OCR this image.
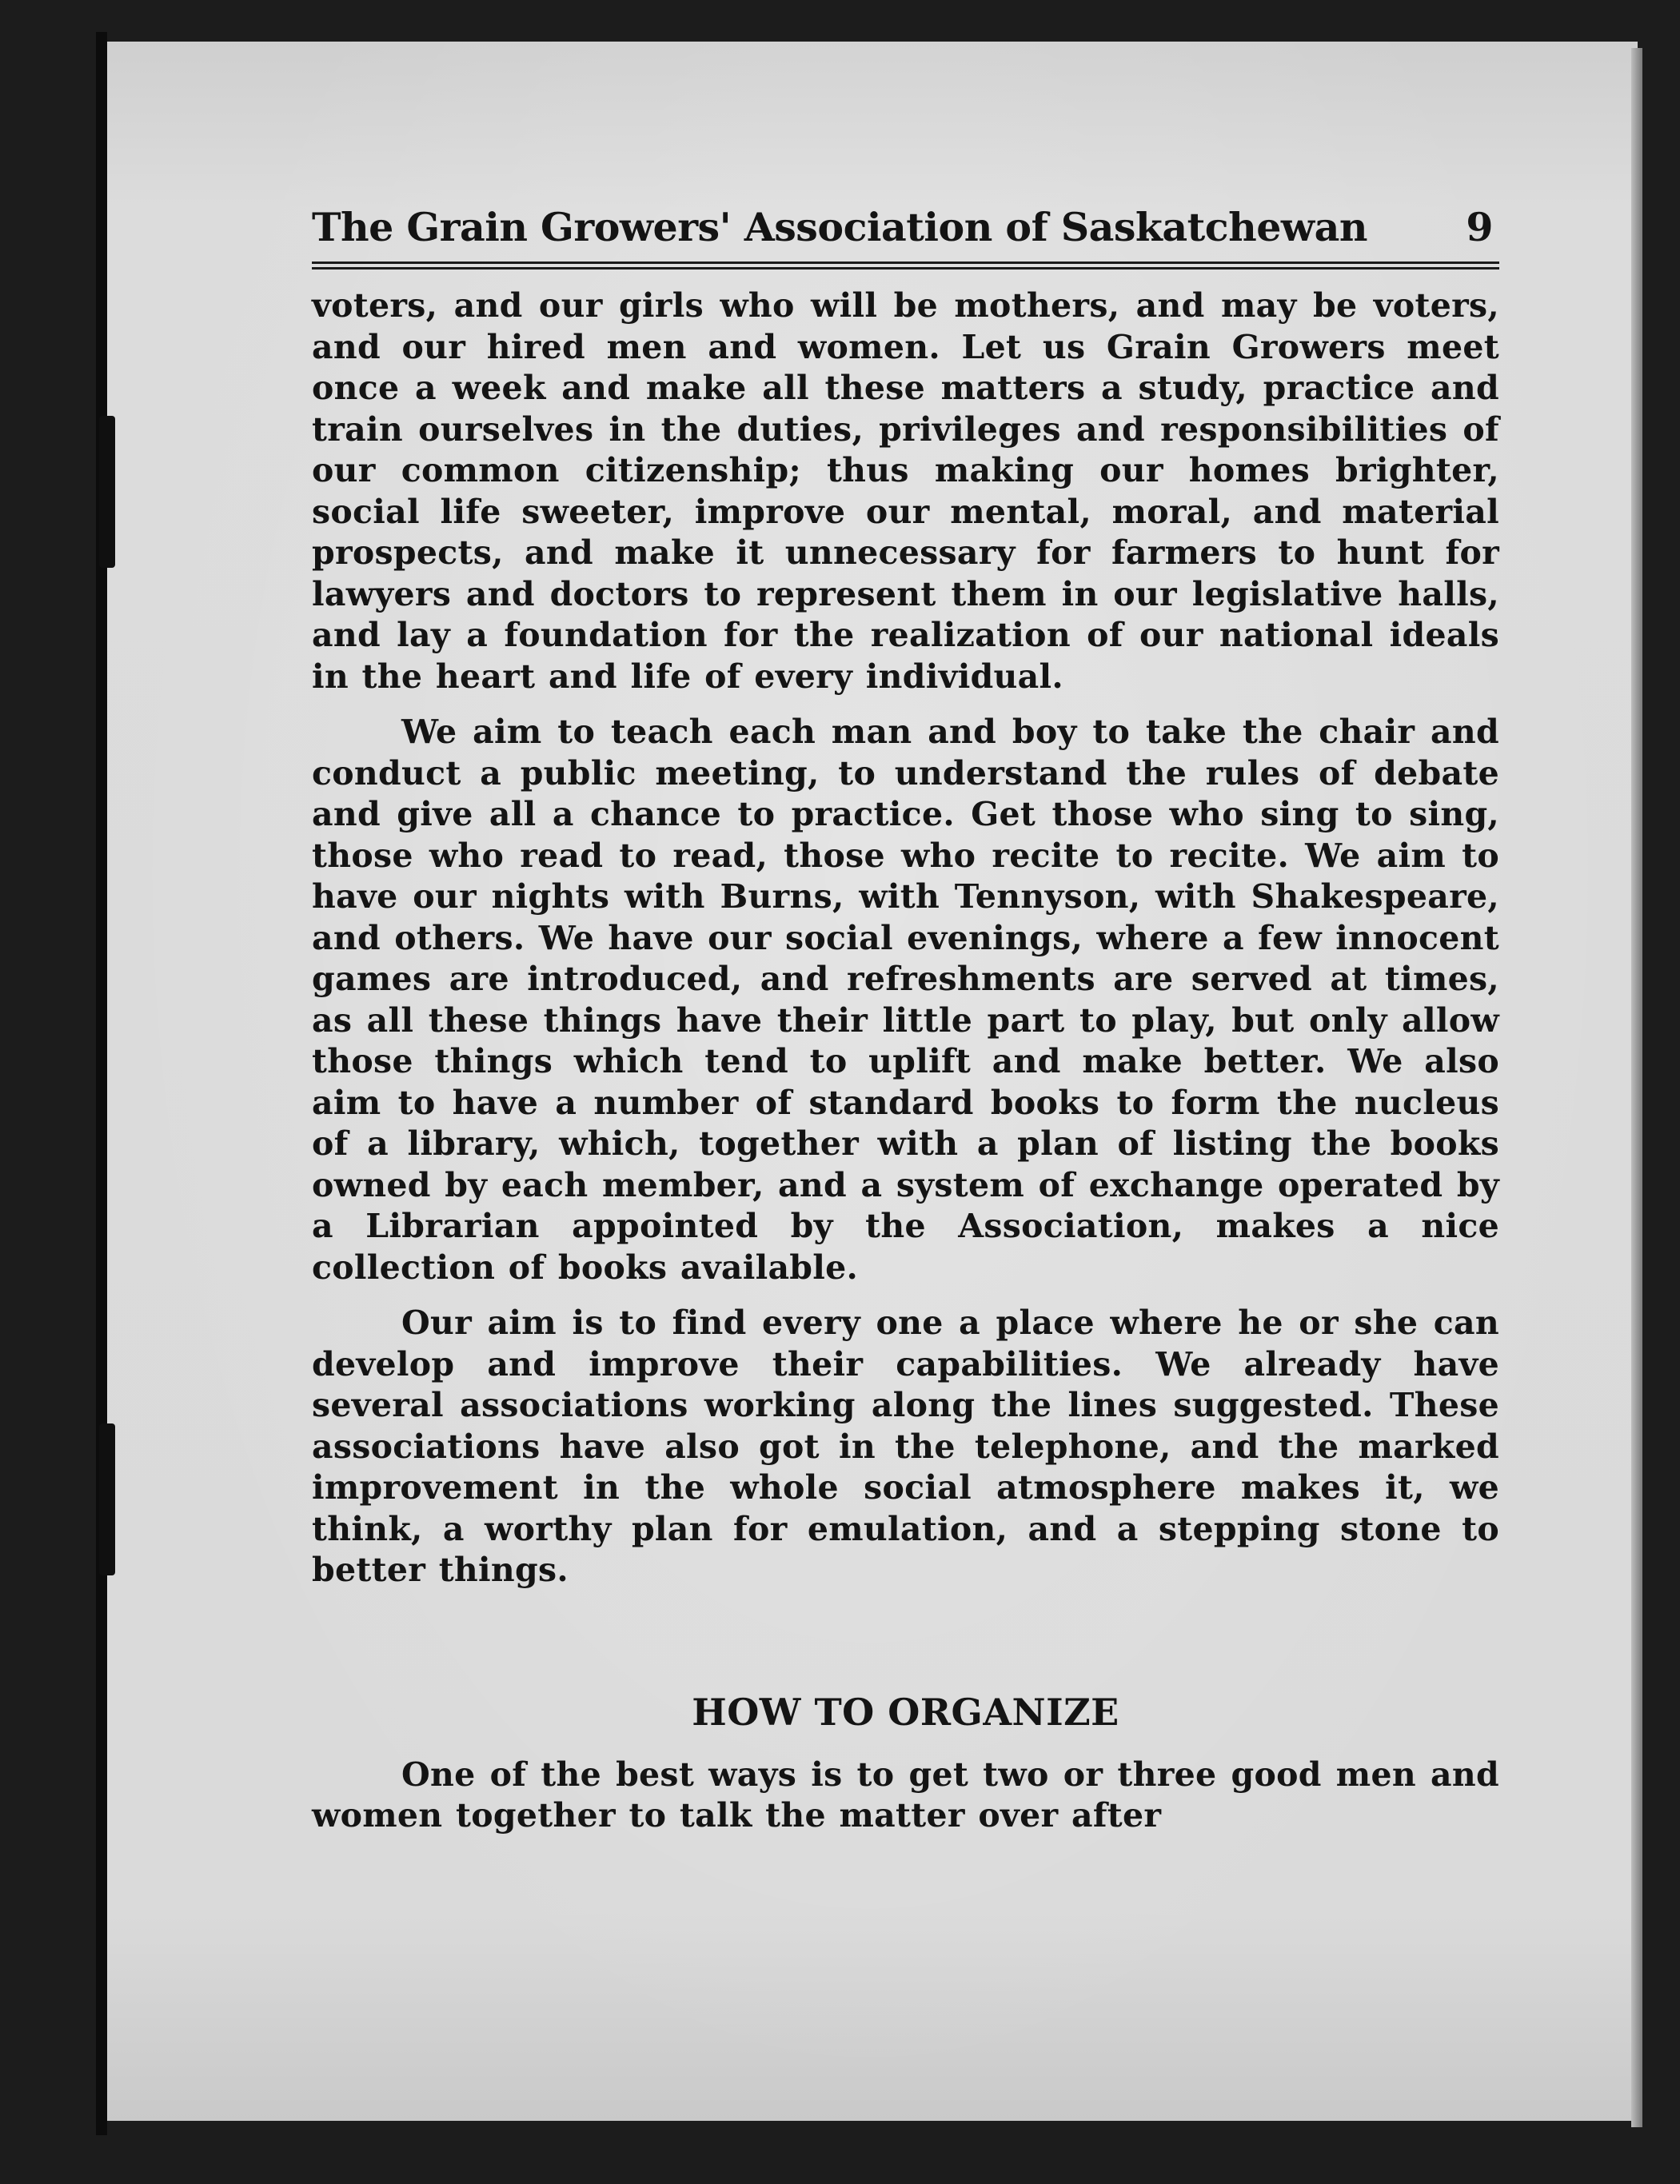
The Grain Growers' Association of Saskatchewan	9

voters, and our girls who will be mothers, and may be voters, and our hired men and women. Let us Grain Growers meet once a week and make all these matters a study, practice and train ourselves in the duties, privileges and responsibilities of our common citizenship; thus making our homes brighter, social life sweeter, improve our mental, moral, and material prospects, and make it unnecessary for farmers to hunt for lawyers and doctors to represent them in our legislative halls, and lay a foundation for the realization of our national ideals in the heart and life of every individual.

We aim to teach each man and boy to take the chair and conduct a public meeting, to understand the rules of debate and give all a chance to practice. Get those who sing to sing, those who read to read, those who recite to recite. We aim to have our nights with Burns, with Tennyson, with Shakespeare, and others. We have our social evenings, where a few innocent games are introduced, and refreshments are served at times, as all these things have their little part to play, but only allow those things which tend to uplift and make better. We also aim to have a number of standard books to form the nucleus of a library, which, together with a plan of listing the books owned by each member, and a system of exchange operated by a Librarian appointed by the Association, makes a nice collection of books available.

Our aim is to find every one a place where he or she can develop and improve their capabilities. We already have several associations working along the lines suggested. These associations have also got in the telephone, and the marked improvement in the whole social atmosphere makes it, we think, a worthy plan for emulation, and a stepping stone to better things.

HOW TO ORGANIZE

One of the best ways is to get two or three good men and women together to talk the matter over after
